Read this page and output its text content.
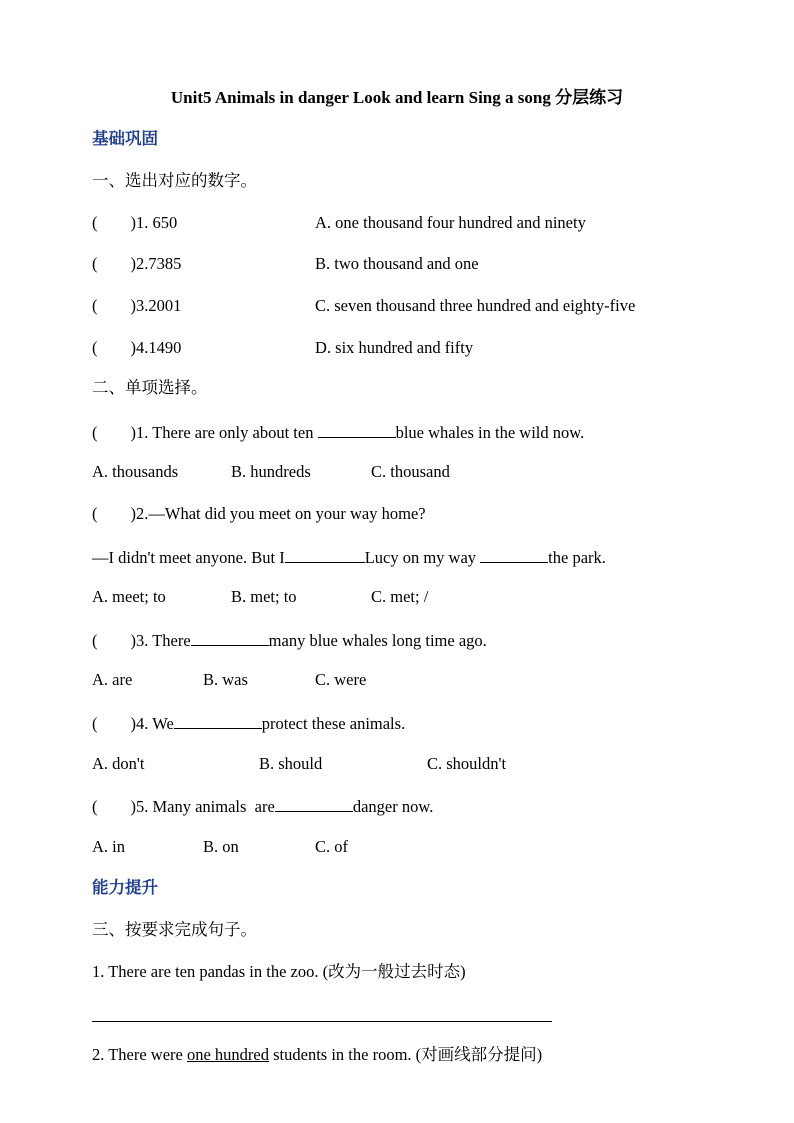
Unit5 Animals in danger Look and learn Sing a song 分层练习
基础巩固
一、选出对应的数字。
(        )1. 650	A. one thousand four hundred and ninety
(        )2.7385	B. two thousand and one
(        )3.2001	C. seven thousand three hundred and eighty-five
(        )4.1490	D. six hundred and fifty
二、单项选择。
(        )1. There are only about ten	blue whales in the wild now.
A. thousands	B. hundreds	C. thousand
(        )2.—What did you meet on your way home?
—I didn't meet anyone. But I	Lucy on my way	the park.
A. meet; to	B. met; to	C. met; /
(        )3. There	many blue whales long time ago.
A. are	B. was	C. were
(        )4. We	protect these animals.
A. don't	B. should	C. shouldn't
(        )5. Many animals  are	danger now.
A. in	B. on	C. of
能力提升
三、按要求完成句子。
1. There are ten pandas in the zoo. (改为一般过去时态)
2. There were one hundred students in the room. (对画线部分提问)
